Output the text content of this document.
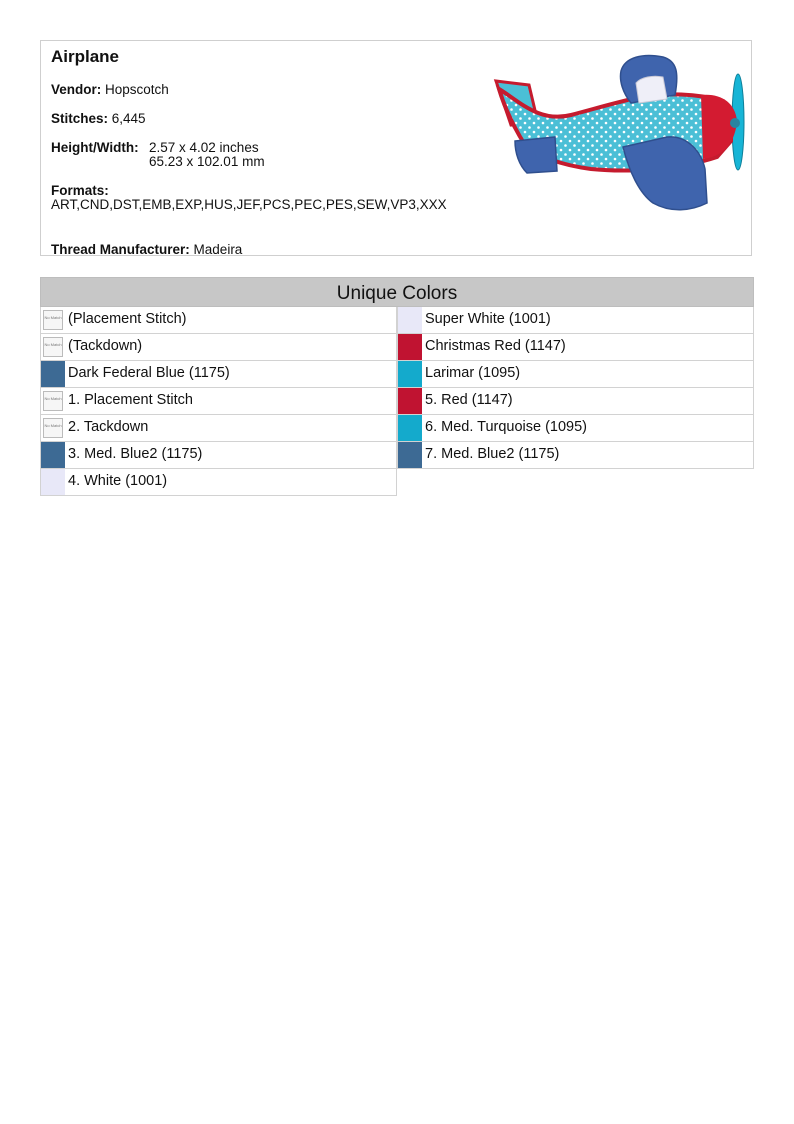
Airplane
Vendor: Hopscotch
Stitches: 6,445
Height/Width: 2.57 x 4.02 inches
65.23 x 102.01 mm
Formats:
ART,CND,DST,EMB,EXP,HUS,JEF,PCS,PEC,PES,SEW,VP3,XXX
Thread Manufacturer: Madeira
Unique Colors
No Match (Placement Stitch)
No Match (Tackdown)
Dark Federal Blue (1175)
No Match 1. Placement Stitch
No Match 2. Tackdown
3. Med. Blue2 (1175)
4. White (1001)
Super White (1001)
Christmas Red (1147)
Larimar (1095)
5. Red (1147)
6. Med. Turquoise (1095)
7. Med. Blue2 (1175)
